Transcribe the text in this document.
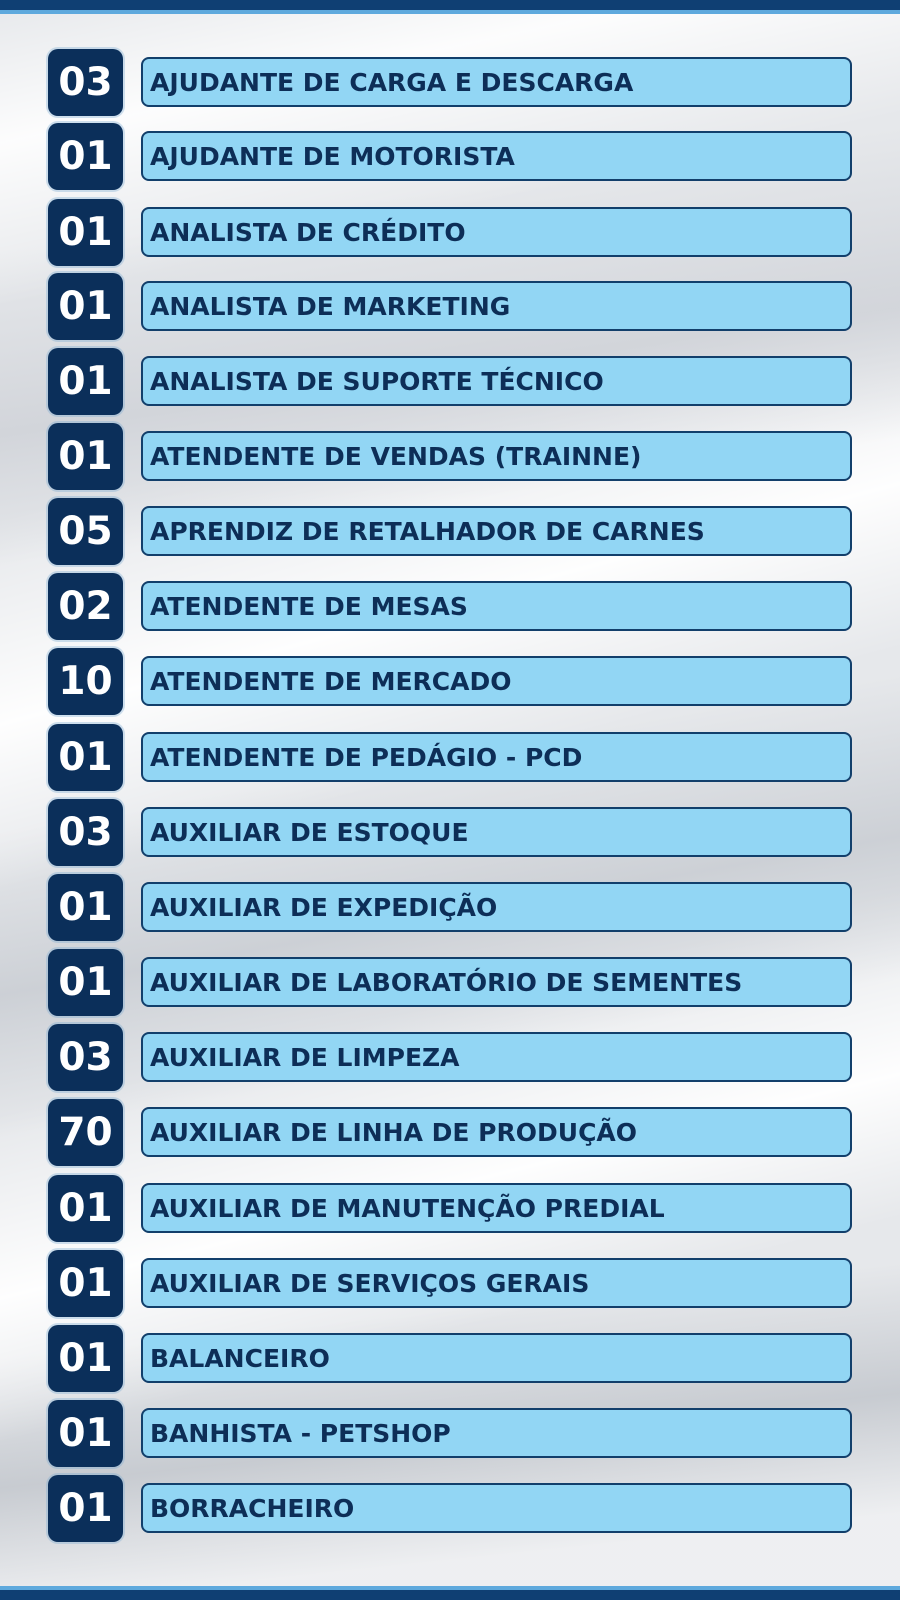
03	AJUDANTE DE CARGA E DESCARGA
01	AJUDANTE DE MOTORISTA
01	ANALISTA DE CRÉDITO
01	ANALISTA DE MARKETING
01	ANALISTA DE SUPORTE TÉCNICO
01	ATENDENTE DE VENDAS (TRAINNE)
05	APRENDIZ DE RETALHADOR DE CARNES
02	ATENDENTE DE MESAS
10	ATENDENTE DE MERCADO
01	ATENDENTE DE PEDÁGIO - PCD
03	AUXILIAR DE ESTOQUE
01	AUXILIAR DE EXPEDIÇÃO
01	AUXILIAR DE LABORATÓRIO DE SEMENTES
03	AUXILIAR DE LIMPEZA
70	AUXILIAR DE LINHA DE PRODUÇÃO
01	AUXILIAR DE MANUTENÇÃO PREDIAL
01	AUXILIAR DE SERVIÇOS GERAIS
01	BALANCEIRO
01	BANHISTA - PETSHOP
01	BORRACHEIRO
